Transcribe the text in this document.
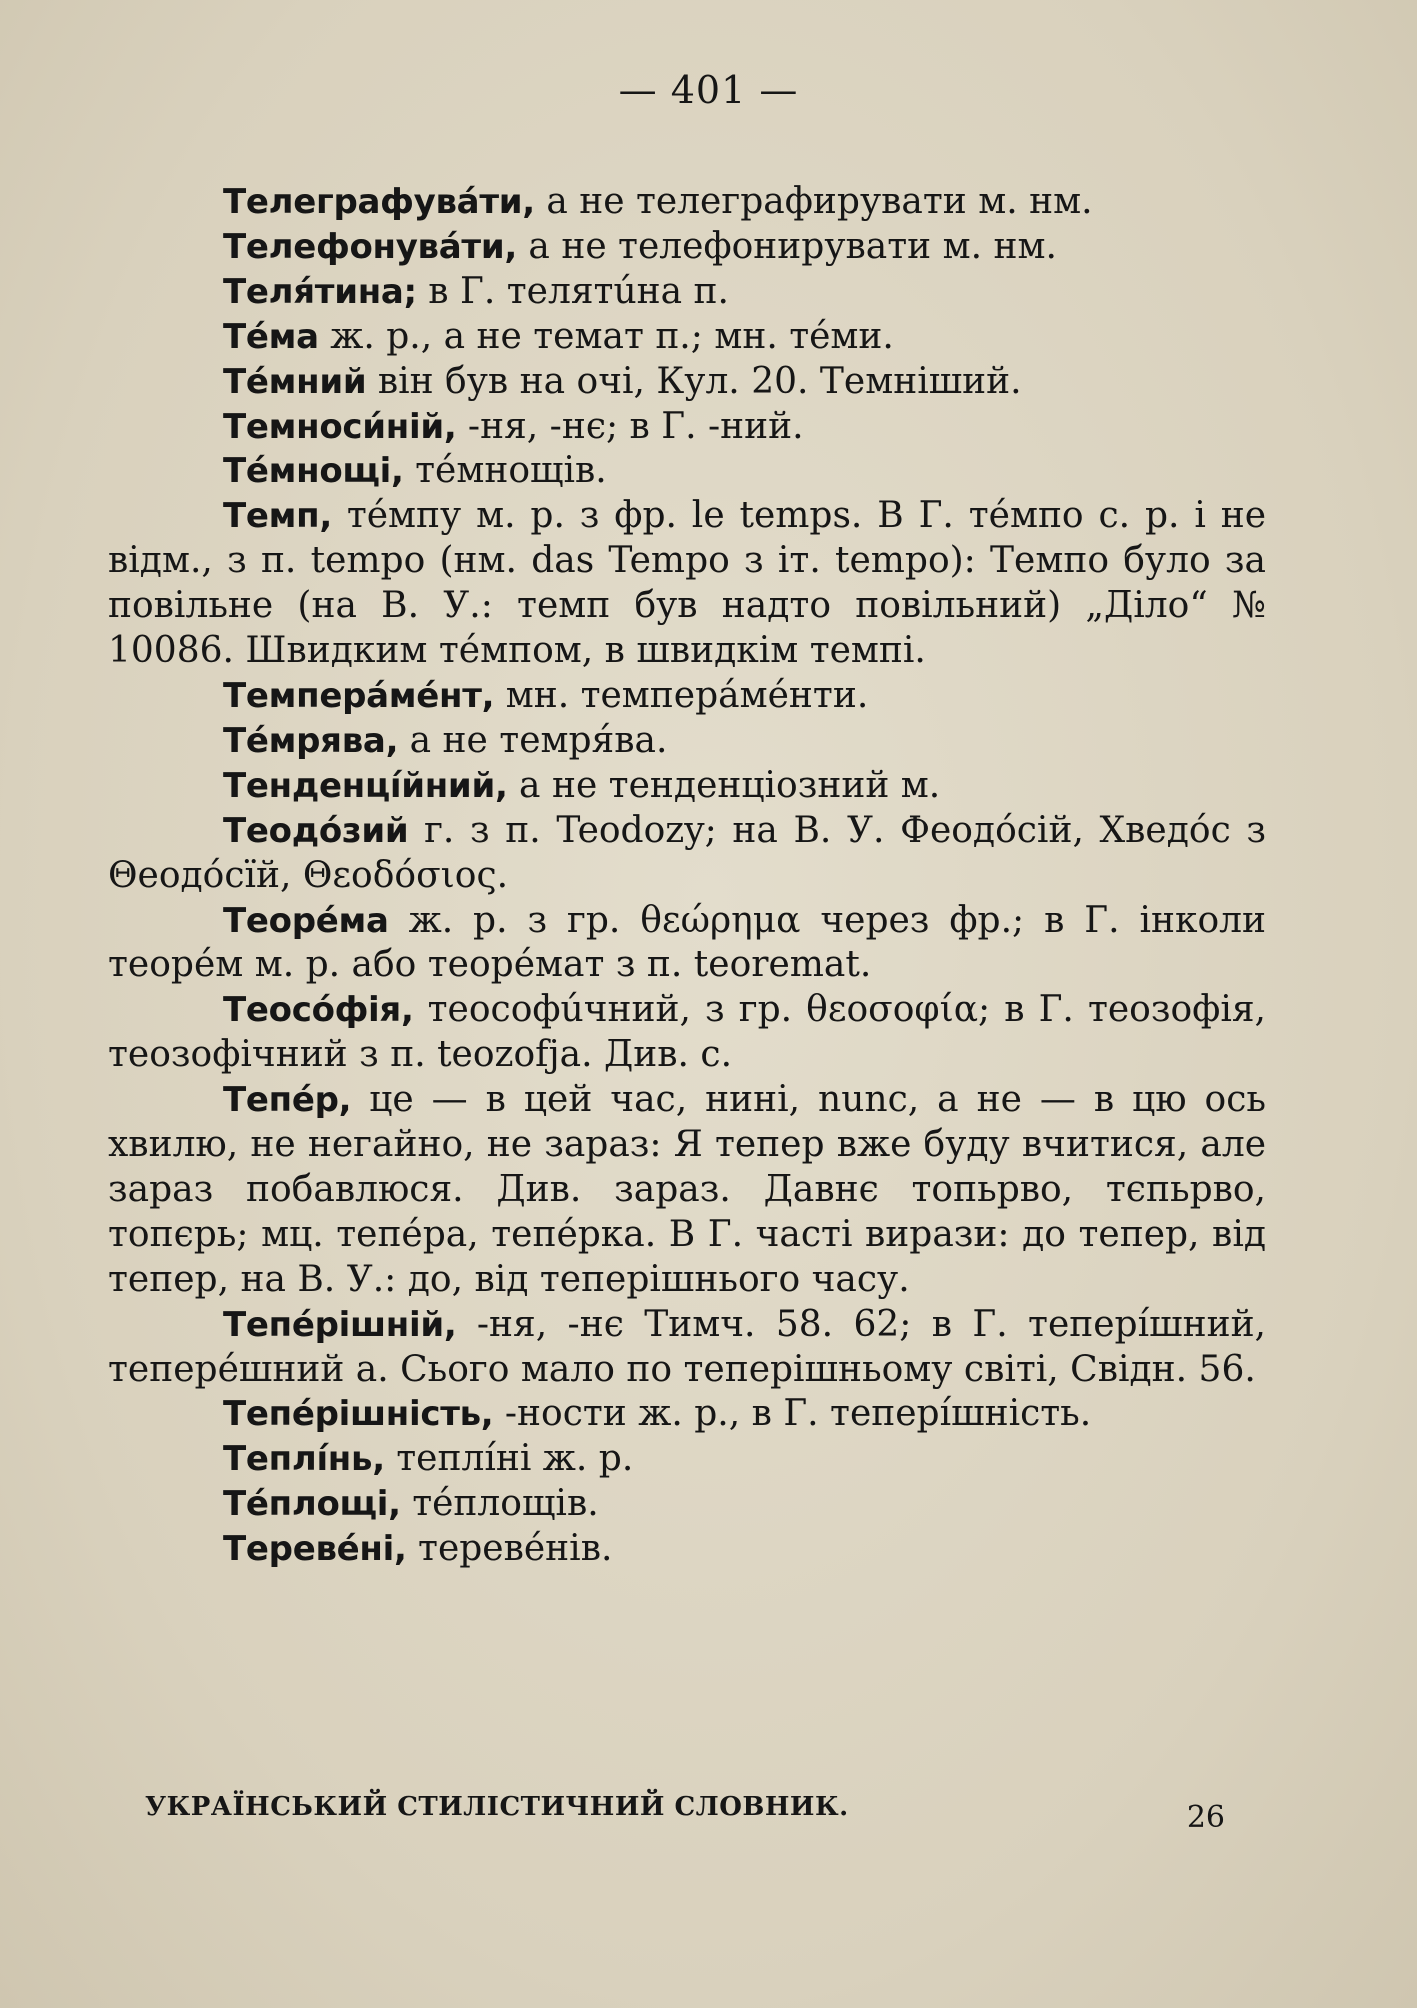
— 401 —

Телеграфува́ти, а не телеграфирувати м. нм.

Телефонува́ти, а не телефонирувати м. нм.

Теля́тина; в Г. телятúна п.

Те́ма ж. р., а не темат п.; мн. те́ми.

Те́мний він був на очі, Кул. 20. Темніший.

Темноси́ній, -ня, -нє; в Г. -ний.

Те́мнощі, те́мнощів.

Темп, те́мпу м. р. з фр. le temps. В Г. те́мпо с. р. і не відм., з п. tempo (нм. das Tempo з іт. tempo): Темпо було за повільне (на В. У.: темп був надто повільний) „Діло“ № 10086. Швидким те́мпом, в швидкім темпі.

Темпера́ме́нт, мн. темпера́ме́нти.

Те́мрява, а не темря́ва.

Тенденці́йний, а не тенденціозний м.

Теодо́зий г. з п. Teodozy; на В. У. Феодо́сій, Хведо́с з Θеодо́сїй, Θεοδόσιος.

Теоре́ма ж. р. з гр. θεώρημα через фр.; в Г. інколи теоре́м м. р. або теоре́мат з п. teoremat.

Теосо́фія, теософúчний, з гр. θεοσοφία; в Г. теозофія, теозофічний з п. teozofja. Див. с.

Тепе́р, це — в цей час, нині, nunc, а не — в цю ось хвилю, не негайно, не зараз: Я тепер вже буду вчитися, але зараз побавлюся. Див. зараз. Давнє топьрво, тєпьрво, топєрь; мц. тепе́ра, тепе́рка. В Г. часті вирази: до тепер, від тепер, на В. У.: до, від теперішнього часу.

Тепе́рішній, -ня, -нє Тимч. 58. 62; в Г. тепері́шний, тепере́шний а. Сього мало по теперішньому світі, Свідн. 56.

Тепе́рішність, -ности ж. р., в Г. тепері́шність.

Теплі́нь, теплі́ні ж. р.

Те́площі, те́площів.

Тереве́ні, тереве́нів.

УКРАЇНСЬКИЙ СТИЛІСТИЧНИЙ СЛОВНИК.	26
